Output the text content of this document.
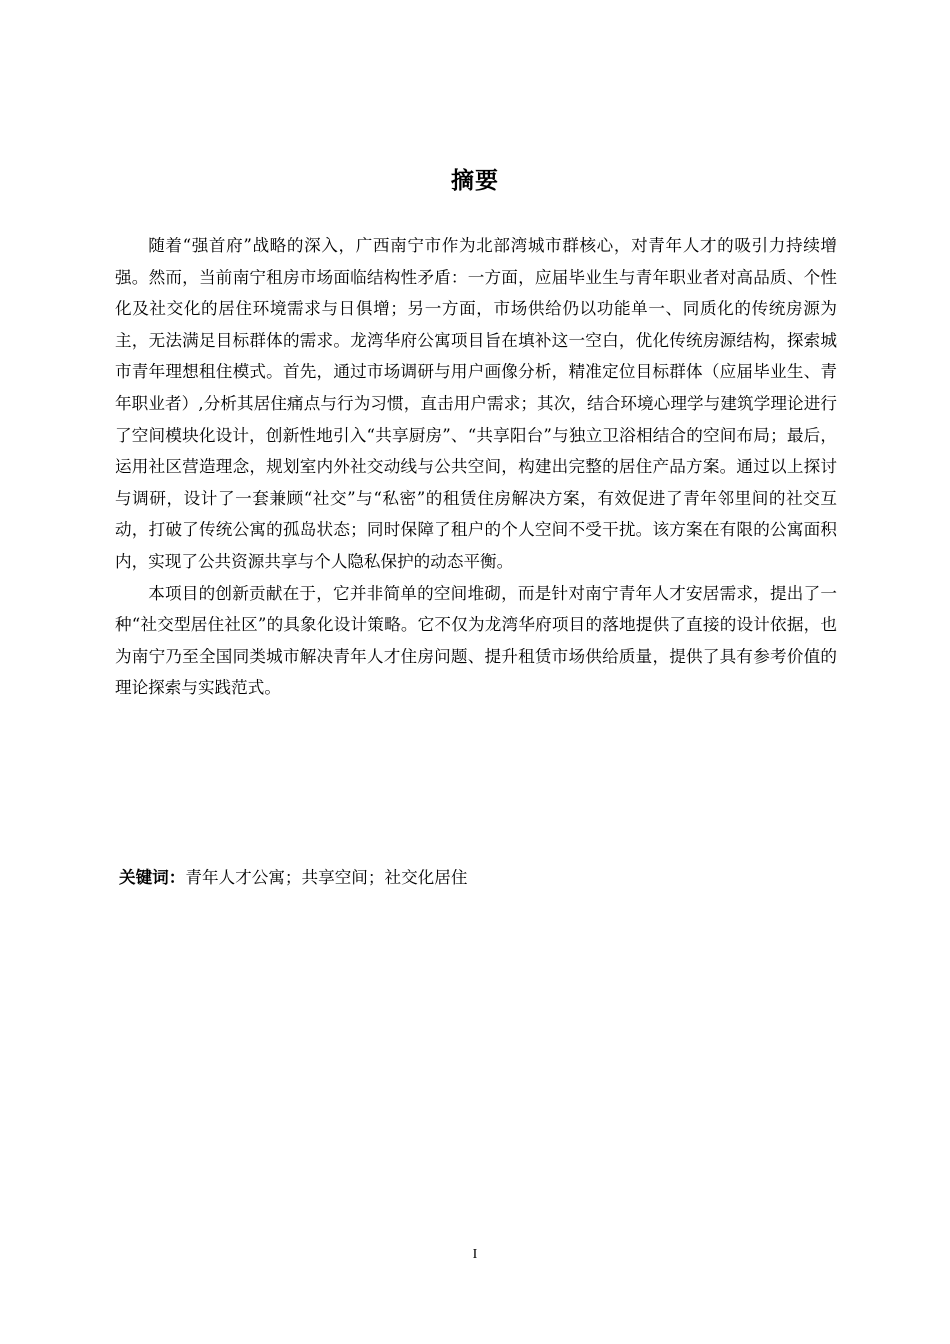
摘要

随着“强首府”战略的深入，广西南宁市作为北部湾城市群核心，对青年人才的吸引力持续增强。然而，当前南宁租房市场面临结构性矛盾：一方面，应届毕业生与青年职业者对高品质、个性化及社交化的居住环境需求与日俱增；另一方面，市场供给仍以功能单一、同质化的传统房源为主，无法满足目标群体的需求。龙湾华府公寓项目旨在填补这一空白，优化传统房源结构，探索城市青年理想租住模式。首先，通过市场调研与用户画像分析，精准定位目标群体（应届毕业生、青年职业者）,分析其居住痛点与行为习惯，直击用户需求；其次，结合环境心理学与建筑学理论进行了空间模块化设计，创新性地引入“共享厨房”、“共享阳台”与独立卫浴相结合的空间布局；最后，运用社区营造理念，规划室内外社交动线与公共空间，构建出完整的居住产品方案。通过以上探讨与调研，设计了一套兼顾“社交”与“私密”的租赁住房解决方案，有效促进了青年邻里间的社交互动，打破了传统公寓的孤岛状态；同时保障了租户的个人空间不受干扰。该方案在有限的公寓面积内，实现了公共资源共享与个人隐私保护的动态平衡。

本项目的创新贡献在于，它并非简单的空间堆砌，而是针对南宁青年人才安居需求，提出了一种“社交型居住社区”的具象化设计策略。它不仅为龙湾华府项目的落地提供了直接的设计依据，也为南宁乃至全国同类城市解决青年人才住房问题、提升租赁市场供给质量，提供了具有参考价值的理论探索与实践范式。

关键词：青年人才公寓；共享空间；社交化居住
I
